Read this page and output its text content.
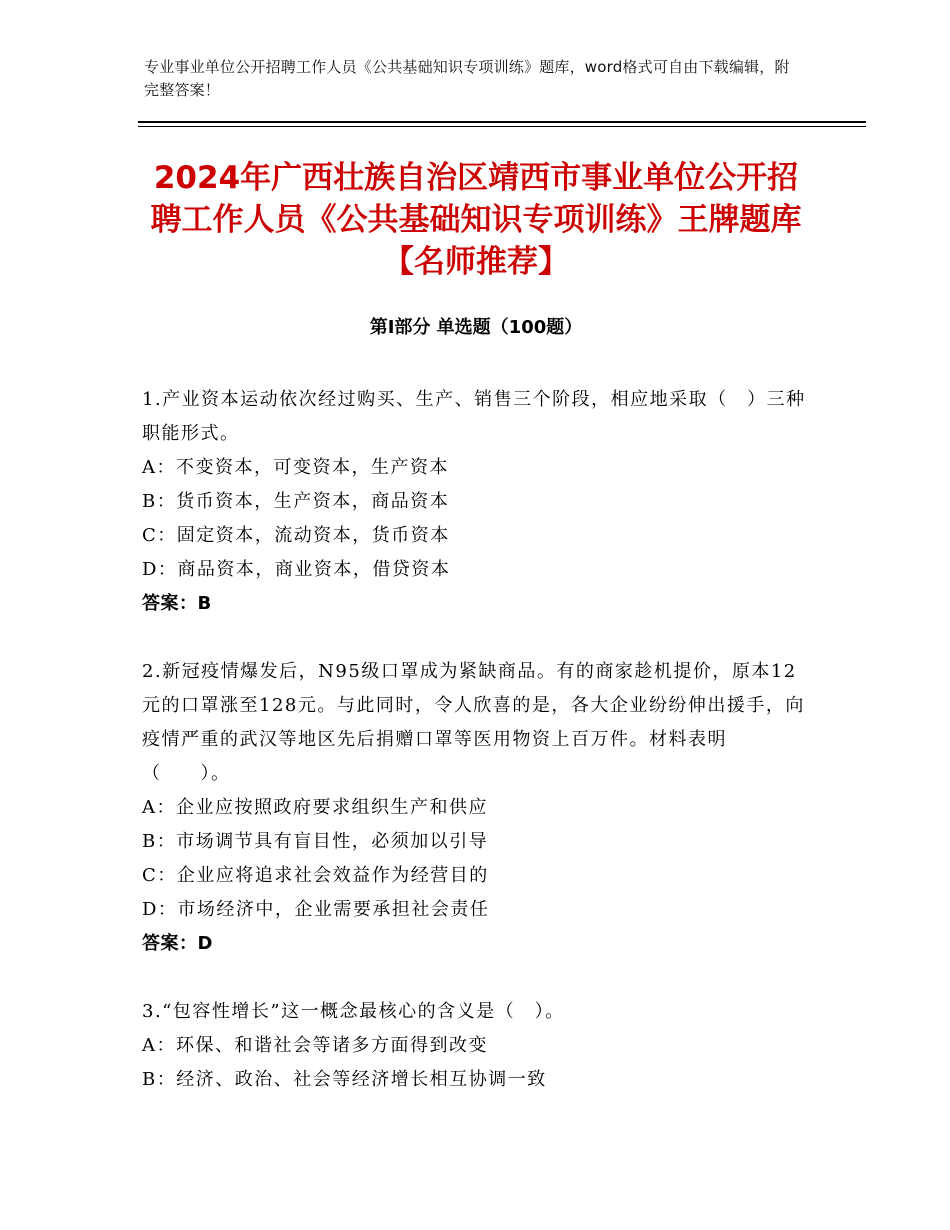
专业事业单位公开招聘工作人员《公共基础知识专项训练》题库，word格式可自由下载编辑，附完整答案！
2024年广西壮族自治区靖西市事业单位公开招聘工作人员《公共基础知识专项训练》王牌题库【名师推荐】
第Ⅰ部分 单选题（100题）

1.产业资本运动依次经过购买、生产、销售三个阶段，相应地采取（　）三种职能形式。

A：不变资本，可变资本，生产资本

B：货币资本，生产资本，商品资本

C：固定资本，流动资本，货币资本

D：商品资本，商业资本，借贷资本

答案：B

2.新冠疫情爆发后，N95级口罩成为紧缺商品。有的商家趁机提价，原本12元的口罩涨至128元。与此同时，令人欣喜的是，各大企业纷纷伸出援手，向疫情严重的武汉等地区先后捐赠口罩等医用物资上百万件。材料表明（　　）。

A：企业应按照政府要求组织生产和供应

B：市场调节具有盲目性，必须加以引导

C：企业应将追求社会效益作为经营目的

D：市场经济中，企业需要承担社会责任

答案：D

3.“包容性增长”这一概念最核心的含义是（　）。

A：环保、和谐社会等诸多方面得到改变

B：经济、政治、社会等经济增长相互协调一致
